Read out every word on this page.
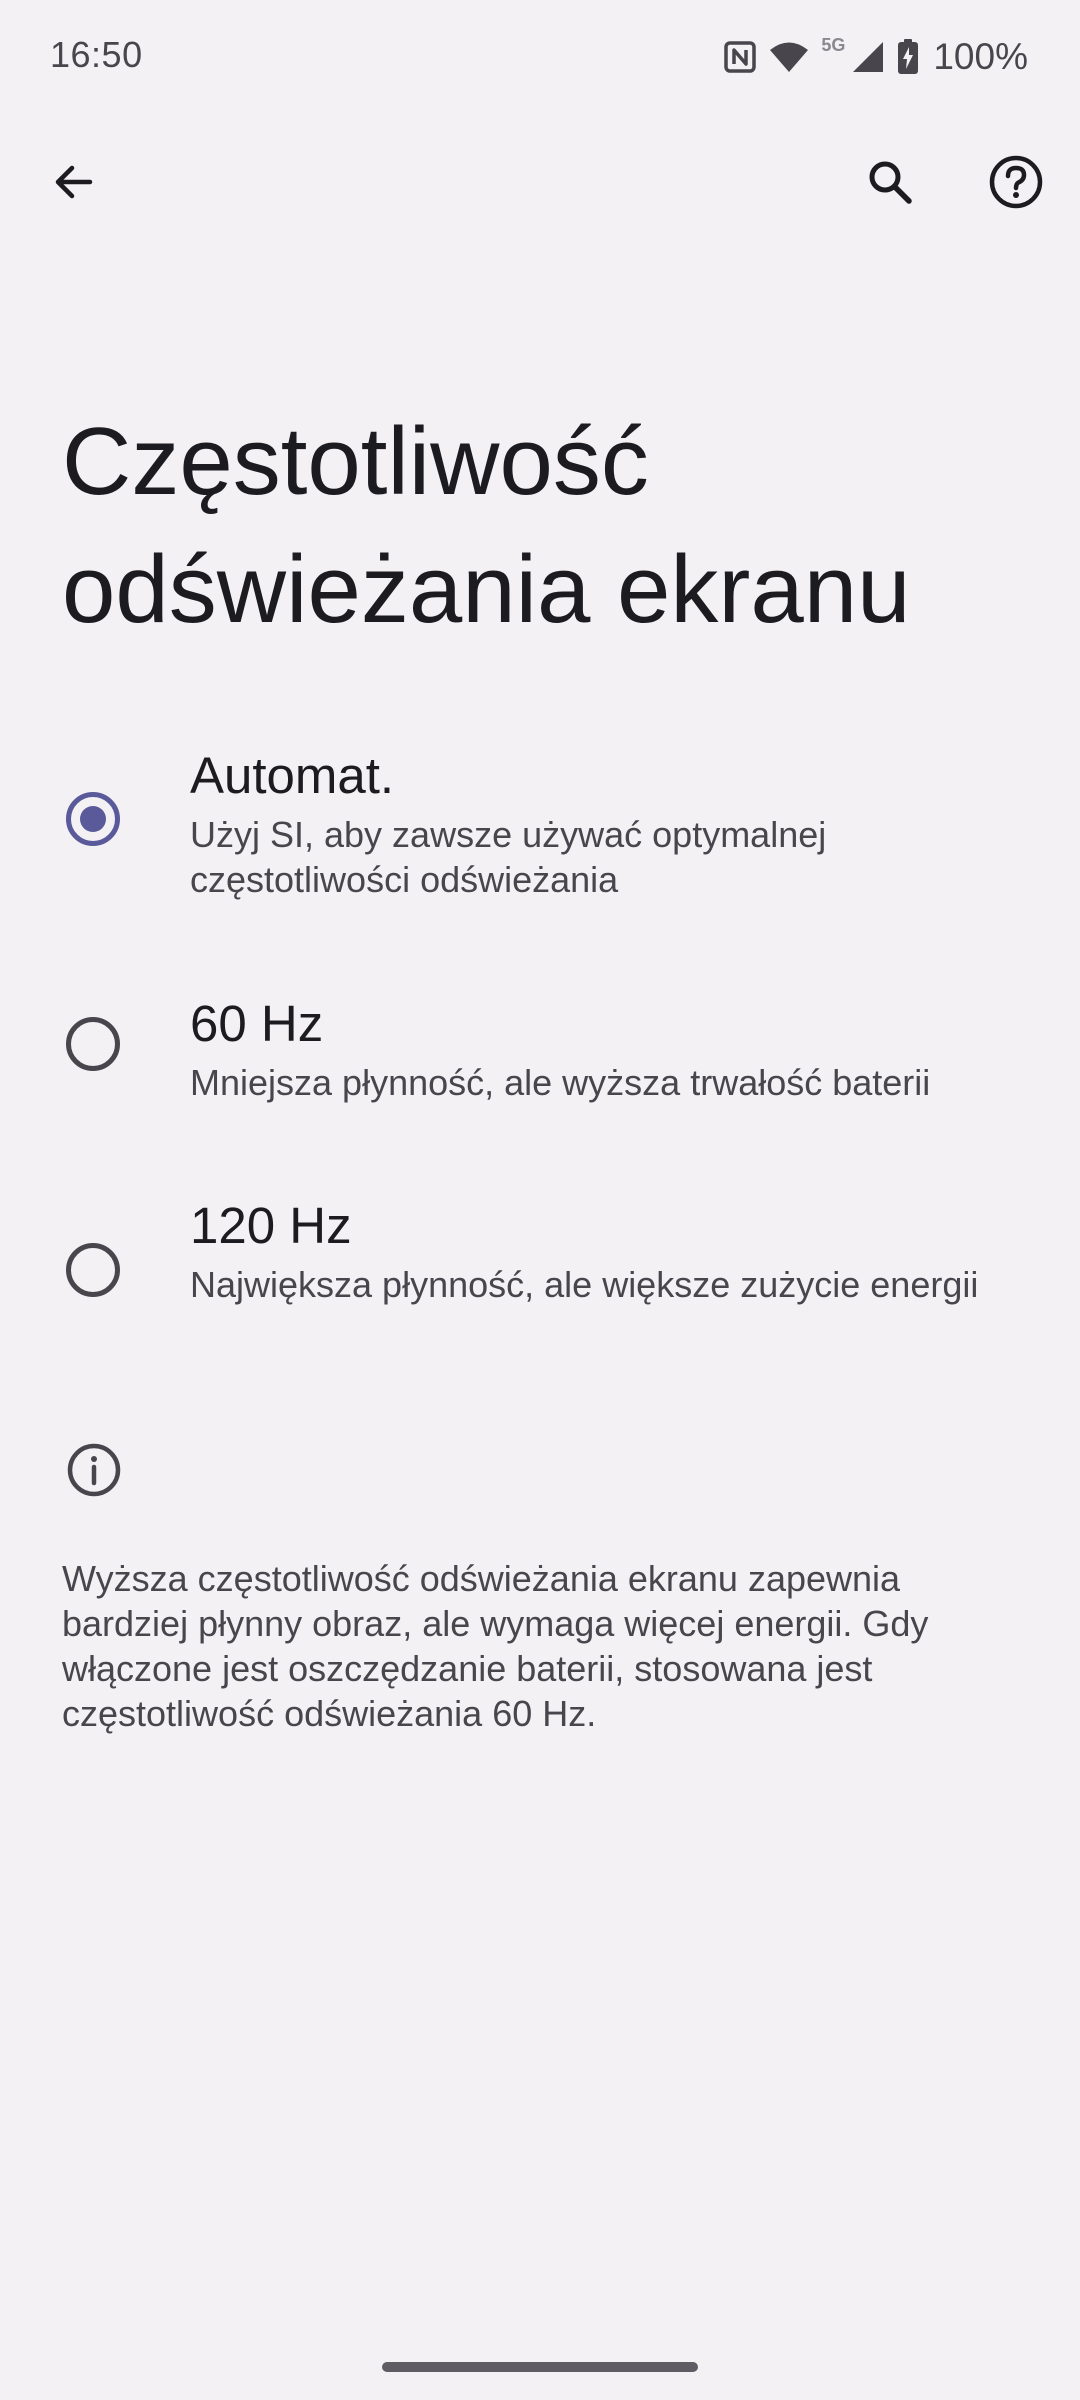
16:50	5G 100%
Częstotliwość odświeżania ekranu
Automat.
Użyj SI, aby zawsze używać optymalnej częstotliwości odświeżania
60 Hz
Mniejsza płynność, ale wyższa trwałość baterii
120 Hz
Największa płynność, ale większe zużycie energii
Wyższa częstotliwość odświeżania ekranu zapewnia bardziej płynny obraz, ale wymaga więcej energii. Gdy włączone jest oszczędzanie baterii, stosowana jest częstotliwość odświeżania 60 Hz.
